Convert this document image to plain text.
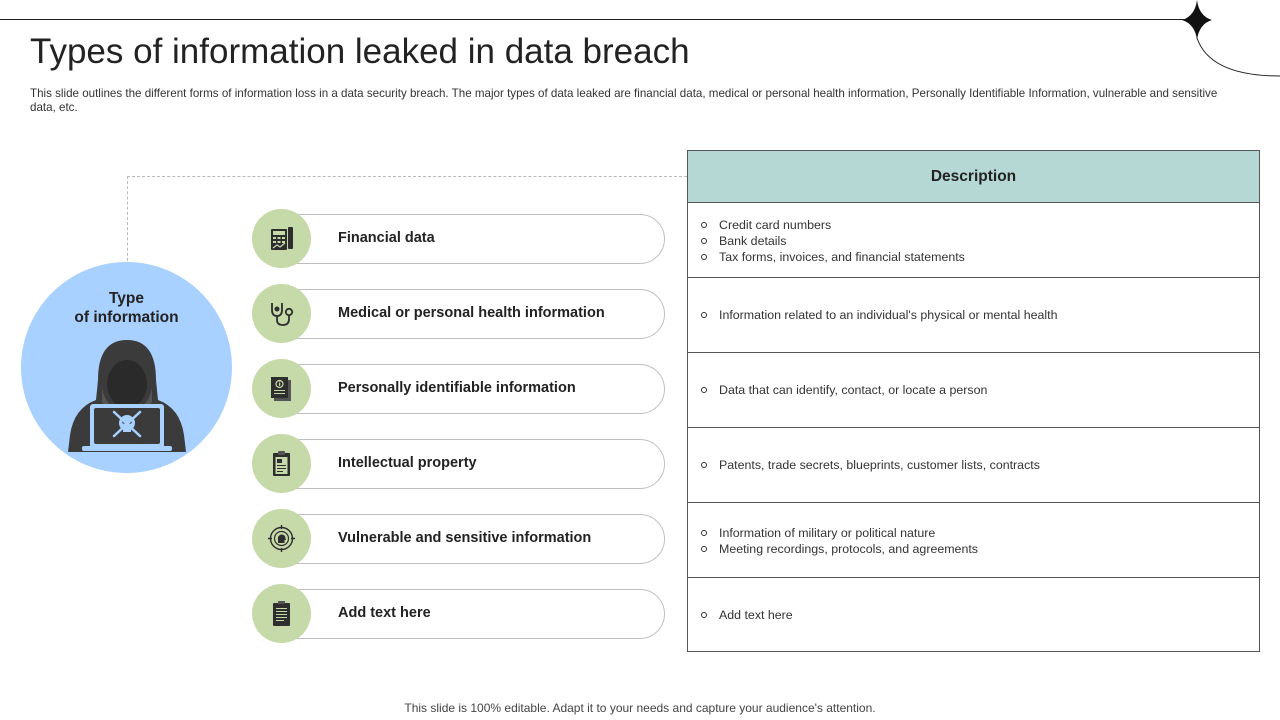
Types of information leaked in data breach

This slide outlines the different forms of information loss in a data security breach. The major types of data leaked are financial data, medical or personal health information, Personally Identifiable Information, vulnerable and sensitive data, etc.

Type
of information
Financial data
Medical or personal health information
Personally identifiable information
Intellectual property
Vulnerable and sensitive information
Add text here
Description
Credit card numbers
Bank details
Tax forms, invoices, and financial statements
Information related to an individual's physical or mental health
Data that can identify, contact, or locate a person
Patents, trade secrets, blueprints, customer lists, contracts
Information of military or political nature
Meeting recordings, protocols, and agreements
Add text here
This slide is 100% editable. Adapt it to your needs and capture your audience's attention.
